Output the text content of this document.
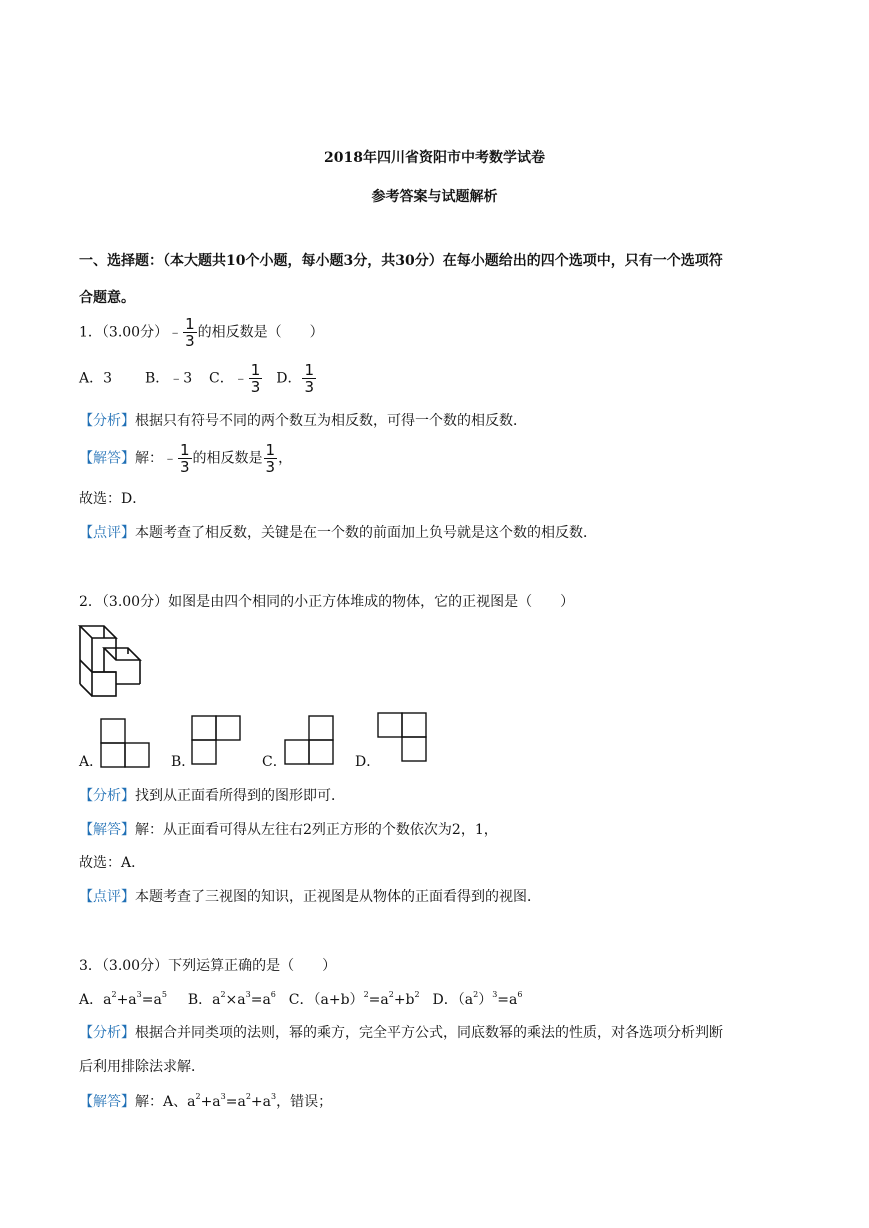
2018年四川省资阳市中考数学试卷
参考答案与试题解析
一、选择题：（本大题共10个小题，每小题3分，共30分）在每小题给出的四个选项中，只有一个选项符
合题意。
1．（3.00分）﹣ $\frac{1}{3}$ 的相反数是（　　）
A．3 B．﹣3 C．﹣ $\frac{1}{3}$ D． $\frac{1}{3}$
【分析】根据只有符号不同的两个数互为相反数，可得一个数的相反数．
【解答】解：﹣ $\frac{1}{3}$ 的相反数是 $\frac{1}{3}$ ，
故选：D．
【点评】本题考查了相反数，关键是在一个数的前面加上负号就是这个数的相反数．
2．（3.00分）如图是由四个相同的小正方体堆成的物体，它的正视图是（　　）
A．	B．	C．	D．
【分析】找到从正面看所得到的图形即可．
【解答】解：从正面看可得从左往右2列正方形的个数依次为2，1，
故选：A．
【点评】本题考查了三视图的知识，正视图是从物体的正面看得到的视图．
3．（3.00分）下列运算正确的是（　　）
A．$a^2+a^3=a^5$ B．$a^2\times a^3=a^6$ C．$(a+b)^2=a^2+b^2$ D．$(a^2)^3=a^6$
【分析】根据合并同类项的法则，幂的乘方，完全平方公式，同底数幂的乘法的性质，对各选项分析判断
后利用排除法求解．
【解答】解：A、$a^2+a^3=a^2+a^3$，错误；
